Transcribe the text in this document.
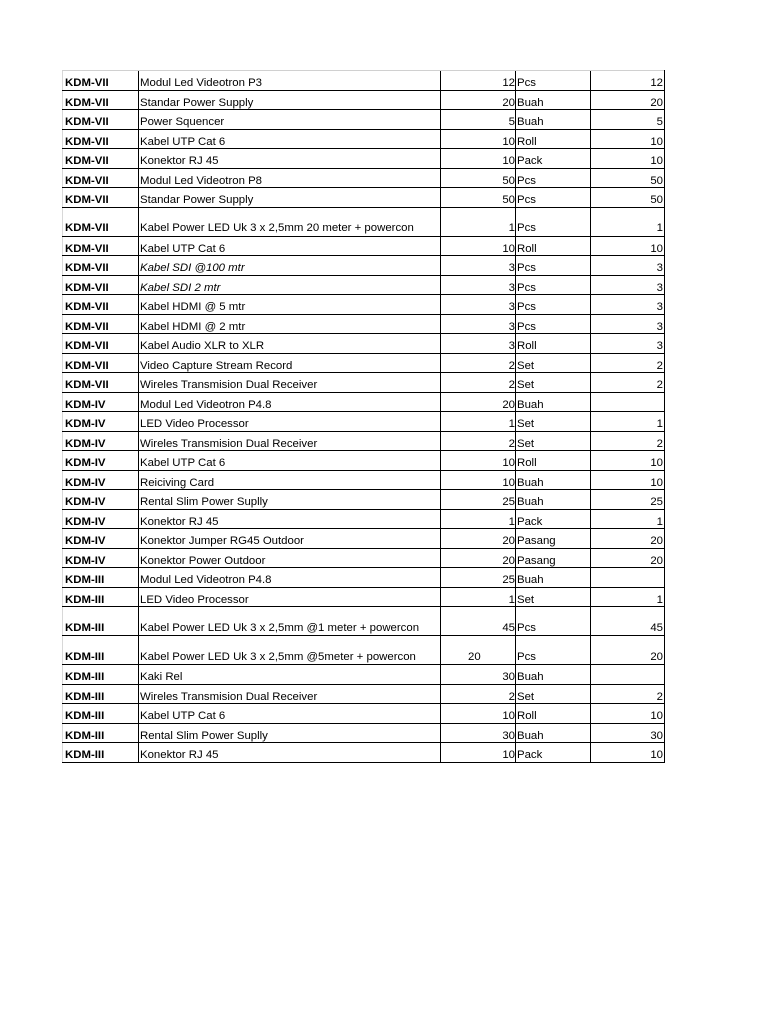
KDM-VII	Modul Led Videotron P3	12	Pcs	12
KDM-VII	Standar Power Supply	20	Buah	20
KDM-VII	Power Squencer	5	Buah	5
KDM-VII	Kabel UTP Cat 6	10	Roll	10
KDM-VII	Konektor RJ 45	10	Pack	10
KDM-VII	Modul Led Videotron P8	50	Pcs	50
KDM-VII	Standar Power Supply	50	Pcs	50
KDM-VII	Kabel Power LED Uk 3 x 2,5mm 20 meter + powercon	1	Pcs	1
KDM-VII	Kabel UTP Cat 6	10	Roll	10
KDM-VII	Kabel SDI @100 mtr	3	Pcs	3
KDM-VII	Kabel SDI 2 mtr	3	Pcs	3
KDM-VII	Kabel HDMI @ 5 mtr	3	Pcs	3
KDM-VII	Kabel HDMI @ 2 mtr	3	Pcs	3
KDM-VII	Kabel Audio XLR to XLR	3	Roll	3
KDM-VII	Video Capture Stream Record	2	Set	2
KDM-VII	Wireles Transmision Dual Receiver	2	Set	2
KDM-IV	Modul Led Videotron P4.8	20	Buah	
KDM-IV	LED Video Processor	1	Set	1
KDM-IV	Wireles Transmision Dual Receiver	2	Set	2
KDM-IV	Kabel UTP Cat 6	10	Roll	10
KDM-IV	Reiciving Card	10	Buah	10
KDM-IV	Rental Slim Power Suplly	25	Buah	25
KDM-IV	Konektor RJ 45	1	Pack	1
KDM-IV	Konektor Jumper RG45 Outdoor	20	Pasang	20
KDM-IV	Konektor Power Outdoor	20	Pasang	20
KDM-III	Modul Led Videotron P4.8	25	Buah	
KDM-III	LED Video Processor	1	Set	1
KDM-III	Kabel Power LED Uk 3 x 2,5mm @1 meter + powercon	45	Pcs	45
KDM-III	Kabel Power LED Uk 3 x 2,5mm @5meter + powercon	20	Pcs	20
KDM-III	Kaki Rel	30	Buah	
KDM-III	Wireles Transmision Dual Receiver	2	Set	2
KDM-III	Kabel UTP Cat 6	10	Roll	10
KDM-III	Rental Slim Power Suplly	30	Buah	30
KDM-III	Konektor RJ 45	10	Pack	10
